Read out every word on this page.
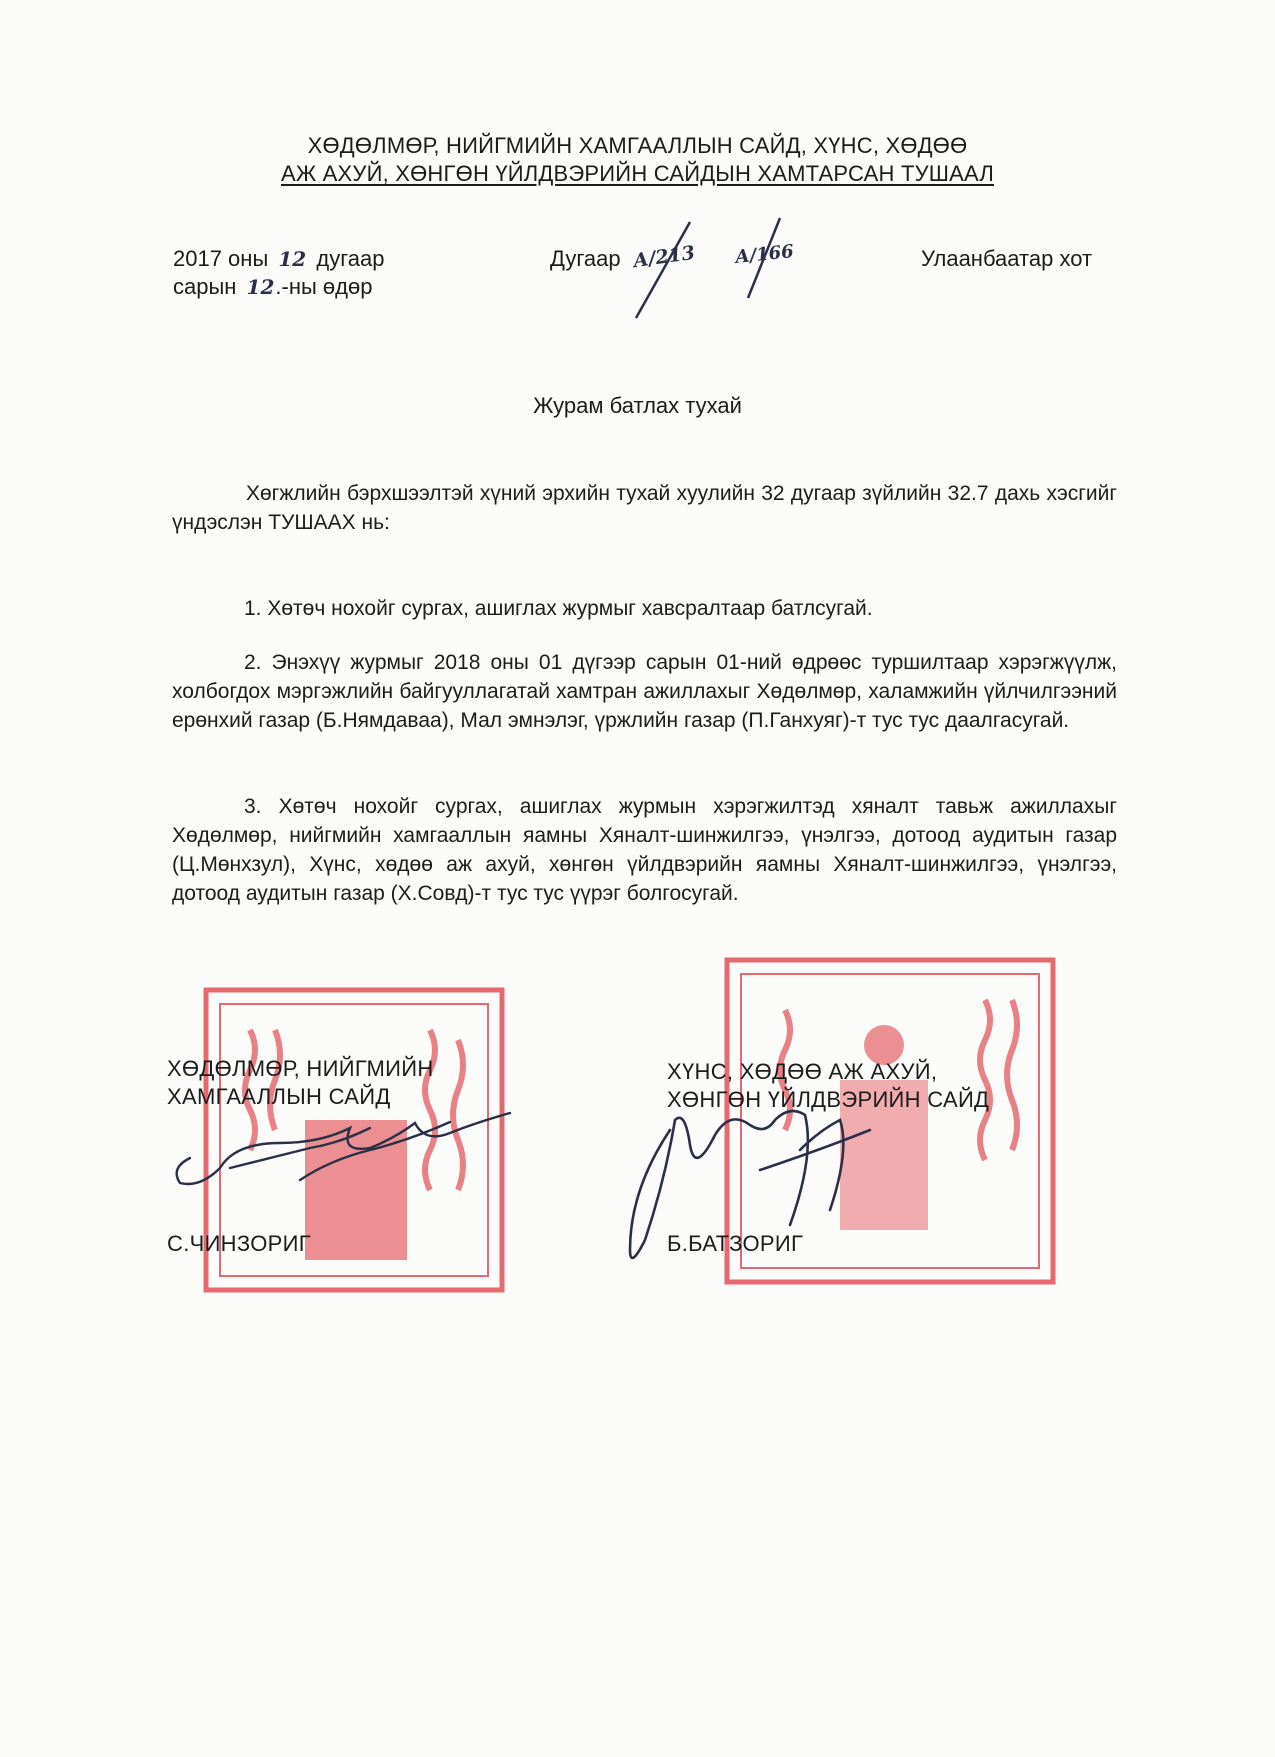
ХӨДӨЛМӨР, НИЙГМИЙН ХАМГААЛЛЫН САЙД, ХҮНС, ХӨДӨӨ
АЖ АХУЙ, ХӨНГӨН ҮЙЛДВЭРИЙН САЙДЫН ХАМТАРСАН ТУШААЛ
2017 оны 12 дугаар
сарын 12.-ны өдөр
Дугаар А/213 А/166	Улаанбаатар хот
Журам батлах тухай
Хөгжлийн бэрхшээлтэй хүний эрхийн тухай хуулийн 32 дугаар зүйлийн 32.7 дахь хэсгийг үндэслэн ТУШААХ нь:
1. Хөтөч нохойг сургах, ашиглах журмыг хавсралтаар батлсугай.
2. Энэхүү журмыг 2018 оны 01 дүгээр сарын 01-ний өдрөөс туршилтаар хэрэгжүүлж, холбогдох мэргэжлийн байгууллагатай хамтран ажиллахыг Хөдөлмөр, халамжийн үйлчилгээний ерөнхий газар (Б.Нямдаваа), Мал эмнэлэг, үржлийн газар (П.Ганхуяг)-т тус тус даалгасугай.
3. Хөтөч нохойг сургах, ашиглах журмын хэрэгжилтэд хяналт тавьж ажиллахыг Хөдөлмөр, нийгмийн хамгааллын яамны Хяналт-шинжилгээ, үнэлгээ, дотоод аудитын газар (Ц.Мөнхзул), Хүнс, хөдөө аж ахуй, хөнгөн үйлдвэрийн яамны Хяналт-шинжилгээ, үнэлгээ, дотоод аудитын газар (Х.Совд)-т тус тус үүрэг болгосугай.
ХӨДӨЛМӨР, НИЙГМИЙН
ХАМГААЛЛЫН САЙД
С.ЧИНЗОРИГ
ХҮНС, ХӨДӨӨ АЖ АХУЙ,
ХӨНГӨН ҮЙЛДВЭРИЙН САЙД
Б.БАТЗОРИГ
